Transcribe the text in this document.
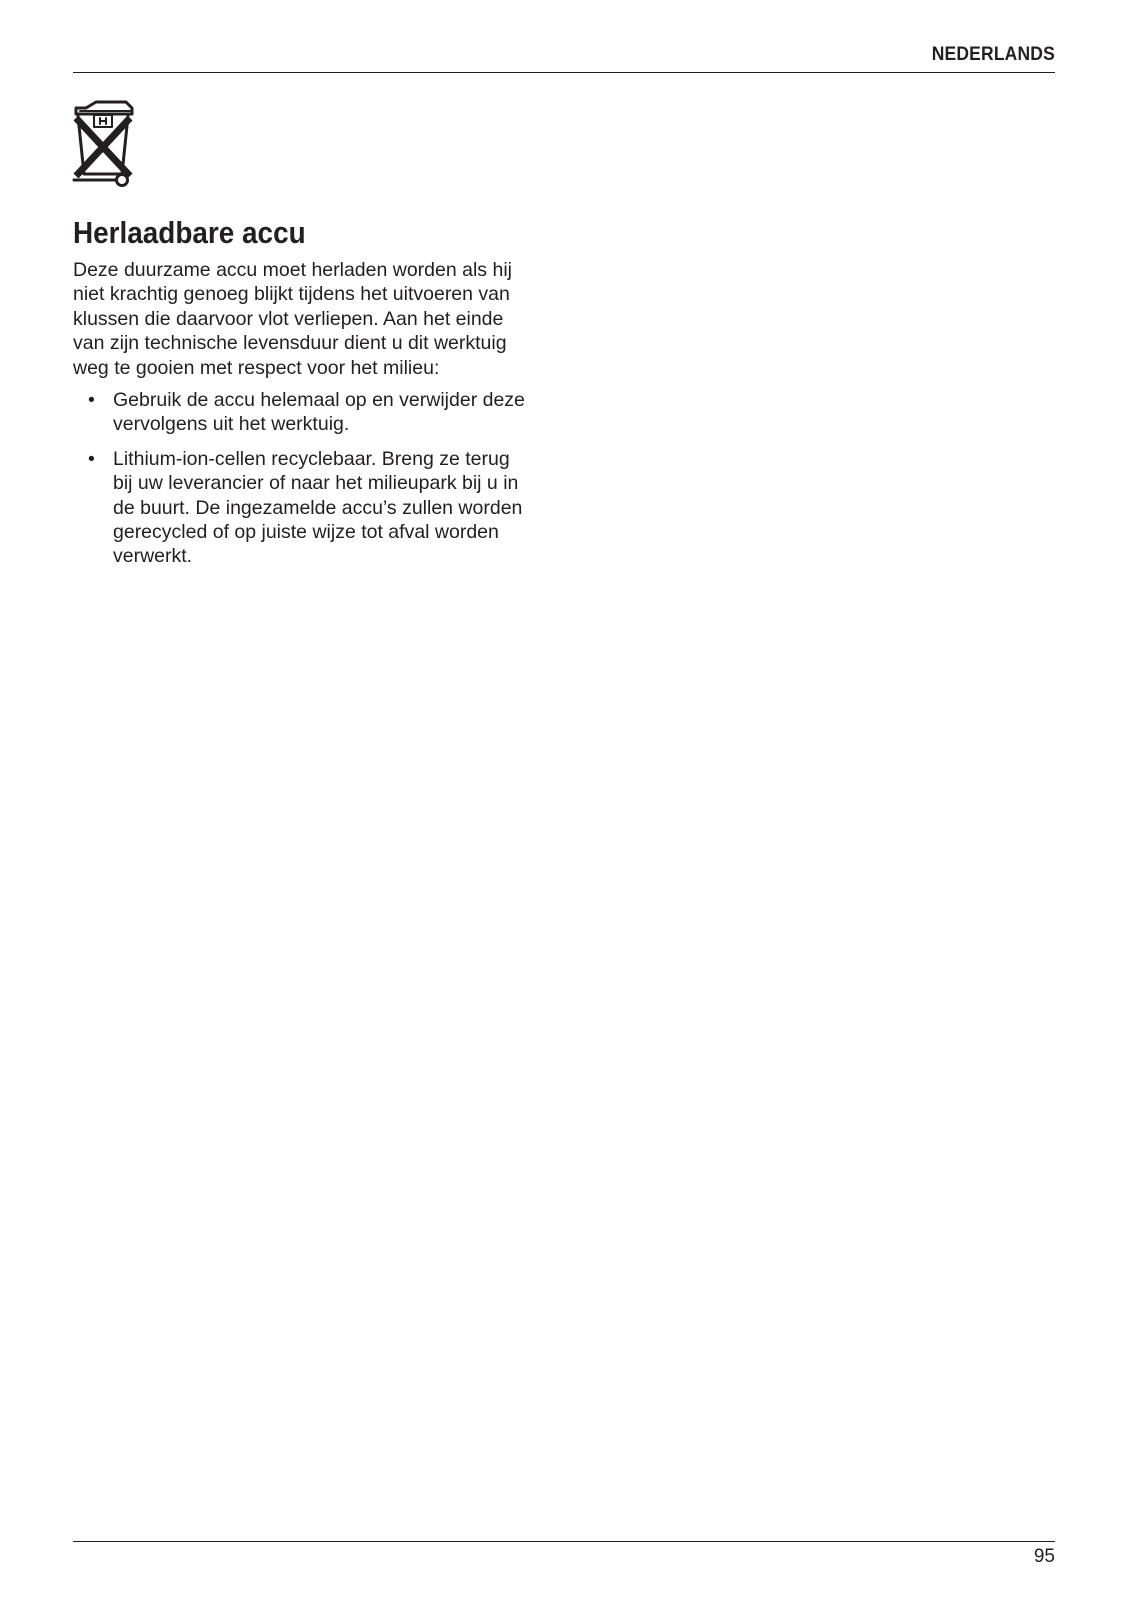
NEDERLANDS
Herlaadbare accu
Deze duurzame accu moet herladen worden als hij
niet krachtig genoeg blijkt tijdens het uitvoeren van
klussen die daarvoor vlot verliepen. Aan het einde
van zijn technische levensduur dient u dit werktuig
weg te gooien met respect voor het milieu:
• Gebruik de accu helemaal op en verwijder deze
vervolgens uit het werktuig.
• Lithium-ion-cellen recyclebaar. Breng ze terug
bij uw leverancier of naar het milieupark bij u in
de buurt. De ingezamelde accu’s zullen worden
gerecycled of op juiste wijze tot afval worden
verwerkt.
95
